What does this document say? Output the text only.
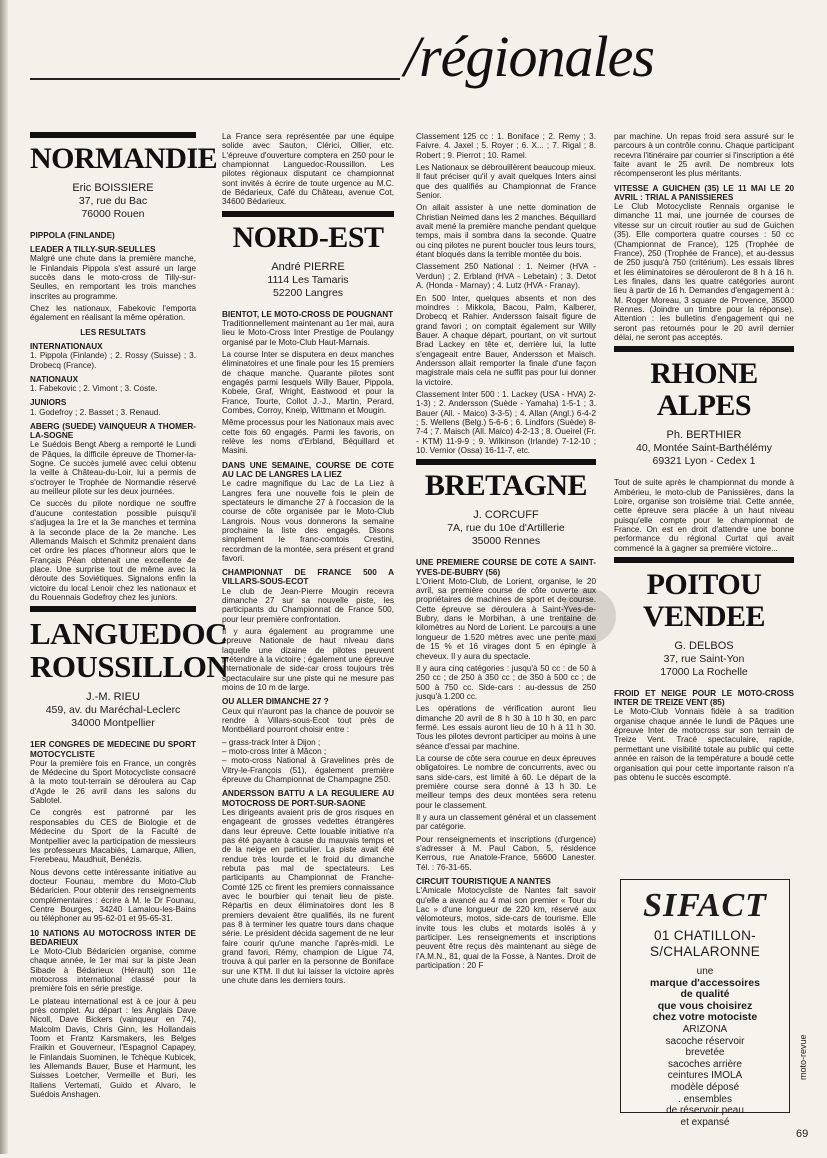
/régionales
NORMANDIE
Eric BOISSIERE
37, rue du Bac
76000 Rouen
PIPPOLA (FINLANDE)
LEADER A TILLY-SUR-SEULLES
Malgré une chute dans la première manche, le Finlandais Pippola s'est assuré un large succès dans le moto-cross de Tilly-sur-Seulles, en remportant les trois manches inscrites au programme.
Chez les nationaux, Fabekovic l'emporta également en réalisant la même opération.
LES RESULTATS
INTERNATIONAUX
1. Pippola (Finlande) ; 2. Rossy (Suisse) ; 3. Drobecq (France).
NATIONAUX
1. Fabekovic ; 2. Vimont ; 3. Coste.
JUNIORS
1. Godefroy ; 2. Basset ; 3. Renaud.
ABERG (SUEDE) VAINQUEUR A THOMER-LA-SOGNE
Le Suédois Bengt Aberg a remporté le Lundi de Pâques, la difficile épreuve de Thomer-la-Sogne. Ce succès jumelé avec celui obtenu la veille à Château-du-Loir, lui a permis de s'octroyer le Trophée de Normandie réservé au meilleur pilote sur les deux journées.
Ce succès du pilote nordique ne souffre d'aucune contestation possible puisqu'il s'adjugea la 1re et la 3e manches et termina à la seconde place de la 2e manche. Les Allemands Maisch et Schmitz prenaient dans cet ordre les places d'honneur alors que le Français Péan obtenait une excellente 4e place. Une surprise tout de même avec la déroute des Soviétiques. Signalons enfin la victoire du local Lenoir chez les nationaux et du Rouennais Godefroy chez les juniors.
LANGUEDOC
ROUSSILLON
J.-M. RIEU
459, av. du Maréchal-Leclerc
34000 Montpellier
1ER CONGRES DE MEDECINE DU SPORT MOTOCYCLISTE
Pour la première fois en France, un congrès de Médecine du Sport Motocycliste consacré à la moto tout-terrain se déroulera au Cap d'Agde le 26 avril dans les salons du Sablotel.
Ce congrès est patronné par les responsables du CES de Biologie et de Médecine du Sport de la Faculté de Montpellier avec la participation de messieurs les professeurs Macabiès, Lamarque, Allien, Frerebeau, Maudhuit, Benézis.
Nous devons cette intéressante initiative au docteur Founau, membre du Moto-Club Bédaricien. Pour obtenir des renseignements complémentaires : écrire à M. le Dr Founau, Centre Bourges, 34240 Lamalou-les-Bains ou téléphoner au 95-62-01 et 95-65-31.
10 NATIONS AU MOTOCROSS INTER DE BEDARIEUX
Le Moto-Club Bédaricien organise, comme chaque année, le 1er mai sur la piste Jean Sibade à Bédarieux (Hérault) son 11e motocross international classé pour la première fois en série prestige.
Le plateau international est à ce jour à peu près complet. Au départ : les Anglais Dave Nicoll, Dave Bickers (vainqueur en 74), Malcolm Davis, Chris Ginn, les Hollandais Toom et Frantz Karsmakers, les Belges Fraikin et Gouverneur, l'Espagnol Capapey, le Finlandais Suominen, le Tchèque Kubicek, les Allemands Bauer, Buse et Harmunt, les Suisses Loetcher, Vermeille et Buri, les Italiens Vertemati, Guido et Alvaro, le Suédois Anshagen.
La France sera représentée par une équipe solide avec Sauton, Clérici, Ollier, etc. L'épreuve d'ouverture comptera en 250 pour le championnat Languedoc-Roussillon. Les pilotes régionaux disputant ce championnat sont invités à écrire de toute urgence au M.C. de Bédarieux, Café du Château, avenue Cot, 34600 Bédarieux.
NORD-EST
André PIERRE
1114 Les Tamaris
52200 Langres
BIENTOT, LE MOTO-CROSS DE POUGNANT
Traditionnellement maintenant au 1er mai, aura lieu le Moto-Cross Inter Prestige de Poulangy organisé par le Moto-Club Haut-Marnais.
La course Inter se disputera en deux manches éliminatoires et une finale pour les 15 premiers de chaque manche. Quarante pilotes sont engagés parmi lesquels Willy Bauer, Pippola, Kobele, Graf, Wright, Eastwood et pour la France, Tourte, Collot J.-J., Martin, Perard, Combes, Corroy, Kneip, Wittmann et Mougin.
Même processus pour les Nationaux mais avec cette fois 60 engagés. Parmi les favoris, on relève les noms d'Erbland, Béquillard et Masini.
DANS UNE SEMAINE, COURSE DE COTE AU LAC DE LANGRES LA LIEZ
Le cadre magnifique du Lac de La Liez à Langres fera une nouvelle fois le plein de spectateurs le dimanche 27 à l'occasion de la course de côte organisée par le Moto-Club Langrois. Nous vous donnerons la semaine prochaine la liste des engagés. Disons simplement le franc-comtois Crestini, recordman de la montée, sera présent et grand favori.
CHAMPIONNAT DE FRANCE 500 A VILLARS-SOUS-ECOT
Le club de Jean-Pierre Mougin recevra dimanche 27 sur sa nouvelle piste, les participants du Championnat de France 500, pour leur première confrontation.
Il y aura également au programme une épreuve Nationale de haut niveau dans laquelle une dizaine de pilotes peuvent prétendre à la victoire ; également une épreuve Internationale de side-car cross toujours très spectaculaire sur une piste qui ne mesure pas moins de 10 m de large.
OU ALLER DIMANCHE 27 ?
Ceux qui n'auront pas la chance de pouvoir se rendre à Villars-sous-Ecot tout près de Montbéliard pourront choisir entre :
– grass-track Inter à Dijon ;
– moto-cross Inter à Mâcon ;
– moto-cross National à Gravelines près de Vitry-le-François (51), également première épreuve du Championnat de Champagne 250.
ANDERSSON BATTU A LA REGULIERE AU MOTOCROSS DE PORT-SUR-SAONE
Les dirigeants avaient pris de gros risques en engageant de grosses vedettes étrangères dans leur épreuve. Cette louable initiative n'a pas été payante à cause du mauvais temps et de la neige en particulier. La piste avait été rendue très lourde et le froid du dimanche rebuta pas mal de spectateurs. Les participants au Championnat de Franche-Comté 125 cc firent les premiers connaissance avec le bourbier qui tenait lieu de piste. Répartis en deux éliminatoires dont les 8 premiers devaient être qualifiés, ils ne furent pas 8 à terminer les quatre tours dans chaque série. Le président décida sagement de ne leur faire courir qu'une manche l'après-midi. Le grand favori, Rémy, champion de Ligue 74, trouva à qui parler en la personne de Boniface sur une KTM. Il dut lui laisser la victoire après une chute dans les derniers tours.
Classement 125 cc : 1. Boniface ; 2. Remy ; 3. Faivre. 4. Jaxel ; 5. Royer ; 6. X... ; 7. Rigal ; 8. Robert ; 9. Pierrot ; 10. Ramel.
Les Nationaux se débrouillèrent beaucoup mieux. Il faut préciser qu'il y avait quelques Inters ainsi que des qualifiés au Championnat de France Senior.
On allait assister à une nette domination de Christian Neimed dans les 2 manches. Béquillard avait mené la première manche pendant quelque temps, mais il sombra dans la seconde. Quatre ou cinq pilotes ne purent boucler tous leurs tours, étant bloqués dans la terrible montée du bois.
Classement 250 National : 1. Neimer (HVA - Verdun) ; 2. Erbland (HVA - Lebetain) ; 3. Detot A. (Honda - Marnay) ; 4. Lutz (HVA - Franay).
En 500 Inter, quelques absents et non des moindres : Mikkola, Bacou, Palm, Kalberer, Drobecq et Rahier. Andersson faisait figure de grand favori ; on comptait également sur Willy Bauer. A chaque départ, pourtant, on vit surtout Brad Lackey en tête et, derrière lui, la lutte s'engageait entre Bauer, Andersson et Maisch. Andersson allait remporter la finale d'une façon magistrale mais cela ne suffit pas pour lui donner la victoire.
Classement Inter 500 : 1. Lackey (USA - HVA) 2-1-3) ; 2. Andersson (Suède - Yamaha) 1-5-1 ; 3. Bauer (All. - Maico) 3-3-5) ; 4. Allan (Angl.) 6-4-2 ; 5. Wellens (Belg.) 5-6-6 ; 6. Lindfors (Suède) 8-7-4 ; 7. Maisch (All. Maico) 4-2-13 ; 8. Oueirel (Fr. - KTM) 11-9-9 ; 9. Wilkinson (Irlande) 7-12-10 ; 10. Vernior (Ossa) 16-11-7, etc.
BRETAGNE
J. CORCUFF
7A, rue du 10e d'Artillerie
35000 Rennes
UNE PREMIERE COURSE DE COTE A SAINT-YVES-DE-BUBRY (56)
L'Orient Moto-Club, de Lorient, organise, le 20 avril, sa première course de côte ouverte aux propriétaires de machines de sport et de course. Cette épreuve se déroulera à Saint-Yves-de-Bubry, dans le Morbihan, à une trentaine de kilomètres au Nord de Lorient. Le parcours a une longueur de 1.520 mètres avec une pente maxi de 15 % et 16 virages dont 5 en épingle à cheveux. Il y aura du spectacle.
Il y aura cinq catégories : jusqu'à 50 cc : de 50 à 250 cc ; de 250 à 350 cc ; de 350 à 500 cc ; de 500 à 750 cc. Side-cars : au-dessus de 250 jusqu'à 1.200 cc.
Les opérations de vérification auront lieu dimanche 20 avril de 8 h 30 à 10 h 30, en parc fermé. Les essais auront lieu de 10 h à 11 h 30. Tous les pilotes devront participer au moins à une séance d'essai par machine.
La course de côte sera courue en deux épreuves obligatoires. Le nombre de concurrents, avec ou sans side-cars, est limité à 60. Le départ de la première course sera donné à 13 h 30. Le meilleur temps des deux montées sera retenu pour le classement.
Il y aura un classement général et un classement par catégorie.
Pour renseignements et inscriptions (d'urgence) s'adresser à M. Paul Cabon, 5, résidence Kerrous, rue Anatole-France, 56600 Lanester. Tél. : 76-31-65.
CIRCUIT TOURISTIQUE A NANTES
L'Amicale Motocycliste de Nantes fait savoir qu'elle a avancé au 4 mai son premier « Tour du Lac » d'une longueur de 220 km, réservé aux vélomoteurs, motos, side-cars de tourisme. Elle invite tous les clubs et motards isolés à y participer. Les renseignements et inscriptions peuvent être reçus dès maintenant au siège de l'A.M.N., 81, quai de la Fosse, à Nantes. Droit de participation : 20 F
par machine. Un repas froid sera assuré sur le parcours à un contrôle connu. Chaque participant recevra l'itinéraire par courrier si l'inscription a été faite avant le 25 avril. De nombreux lots récompenseront les plus méritants.
VITESSE A GUICHEN (35) LE 11 MAI LE 20 AVRIL : TRIAL A PANISSIERES
Le Club Motocycliste Rennais organise le dimanche 11 mai, une journée de courses de vitesse sur un circuit routier au sud de Guichen (35). Elle comportera quatre courses : 50 cc (Championnat de France), 125 (Trophée de France), 250 (Trophée de France), et au-dessus de 250 jusqu'à 750 (critérium). Les essais libres et les éliminatoires se dérouleront de 8 h à 16 h. Les finales, dans les quatre catégories auront lieu à partir de 16 h. Demandes d'engagement à : M. Roger Moreau, 3 square de Provence, 35000 Rennes. (Joindre un timbre pour la réponse). Attention : les bulletins d'engagement qui ne seront pas retournés pour le 20 avril dernier délai, ne seront pas acceptés.
RHONE
ALPES
Ph. BERTHIER
40, Montée Saint-Barthélémy
69321 Lyon - Cedex 1
Tout de suite après le championnat du monde à Ambérieu, le moto-club de Panissières, dans la Loire, organise son troisième trial. Cette année, cette épreuve sera placée à un haut niveau puisqu'elle compte pour le championnat de France. On est en droit d'attendre une bonne performance du régional Curtat qui avait commencé la à gagner sa première victoire...
POITOU
VENDEE
G. DELBOS
37, rue Saint-Yon
17000 La Rochelle
FROID ET NEIGE POUR LE MOTO-CROSS INTER DE TREIZE VENT (85)
Le Moto-Club Vonnais fidèle à sa tradition organise chaque année le lundi de Pâques une épreuve Inter de motocross sur son terrain de Treize Vent. Tracé spectaculaire, rapide, permettant une visibilité totale au public qui cette année en raison de la température a boudé cette organisation qui pour cette importante raison n'a pas obtenu le succès escompté.
SIFACT
01 CHATILLON-S/CHALARONNE
une
marque d'accessoires
de qualité
que vous choisirez
chez votre motociste
ARIZONA
sacoche réservoir
brevetée
sacoches arrière
ceintures IMOLA
modèle déposé
. ensembles
de réservoir peau
et expansé
moto-revue
69
